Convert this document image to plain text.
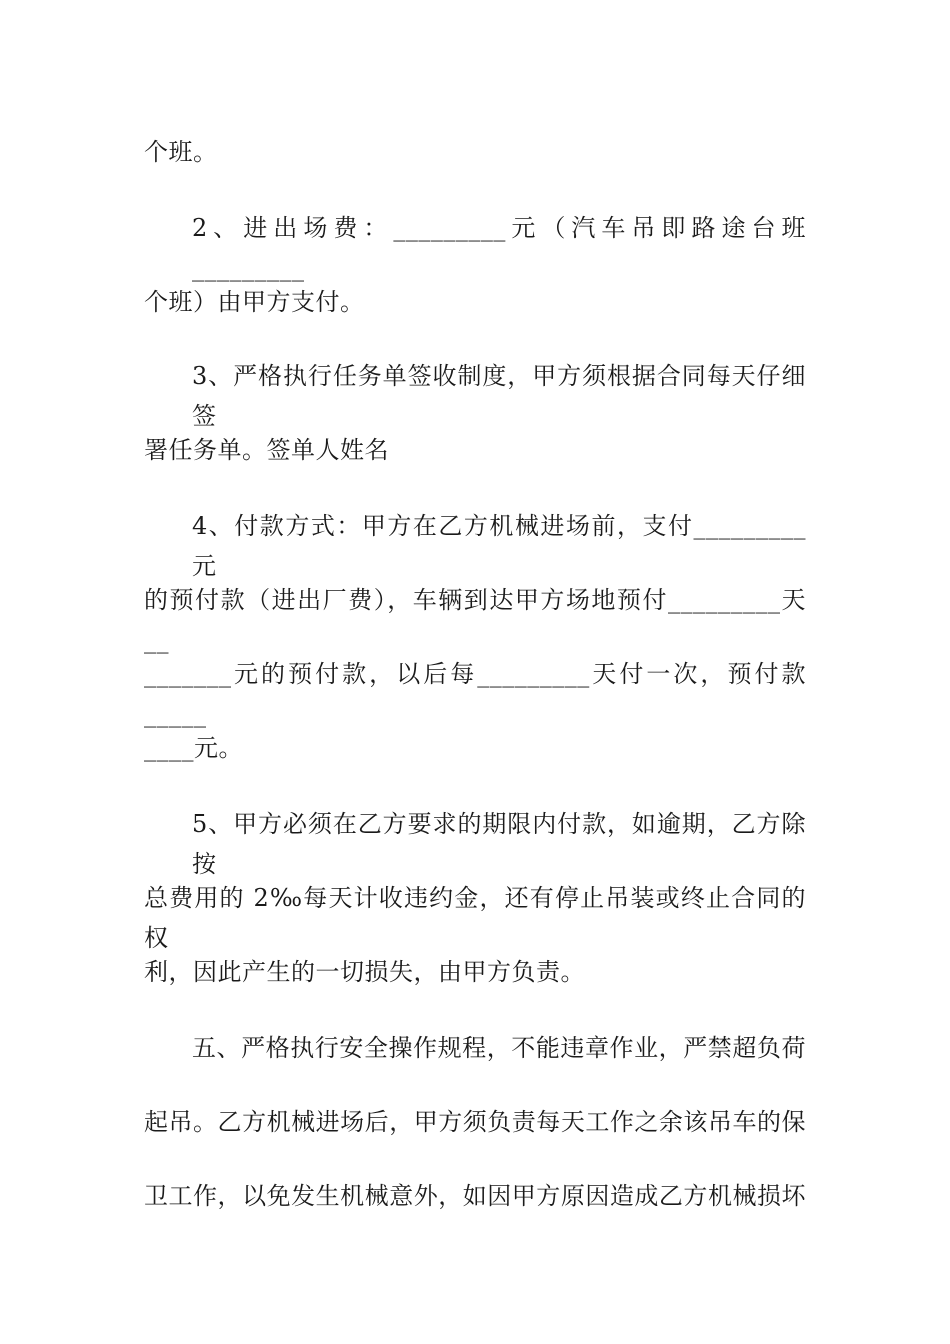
个班。
2、进出场费：_________元（汽车吊即路途台班_________
个班）由甲方支付。
3、严格执行任务单签收制度，甲方须根据合同每天仔细签
署任务单。签单人姓名
4、付款方式：甲方在乙方机械进场前，支付_________元
的预付款（进出厂费），车辆到达甲方场地预付_________天__
_______元的预付款，以后每_________天付一次，预付款_____
____元。
5、甲方必须在乙方要求的期限内付款，如逾期，乙方除按
总费用的 2‰每天计收违约金，还有停止吊装或终止合同的权
利，因此产生的一切损失，由甲方负责。
五、严格执行安全操作规程，不能违章作业，严禁超负荷
起吊。乙方机械进场后，甲方须负责每天工作之余该吊车的保
卫工作，以免发生机械意外，如因甲方原因造成乙方机械损坏
